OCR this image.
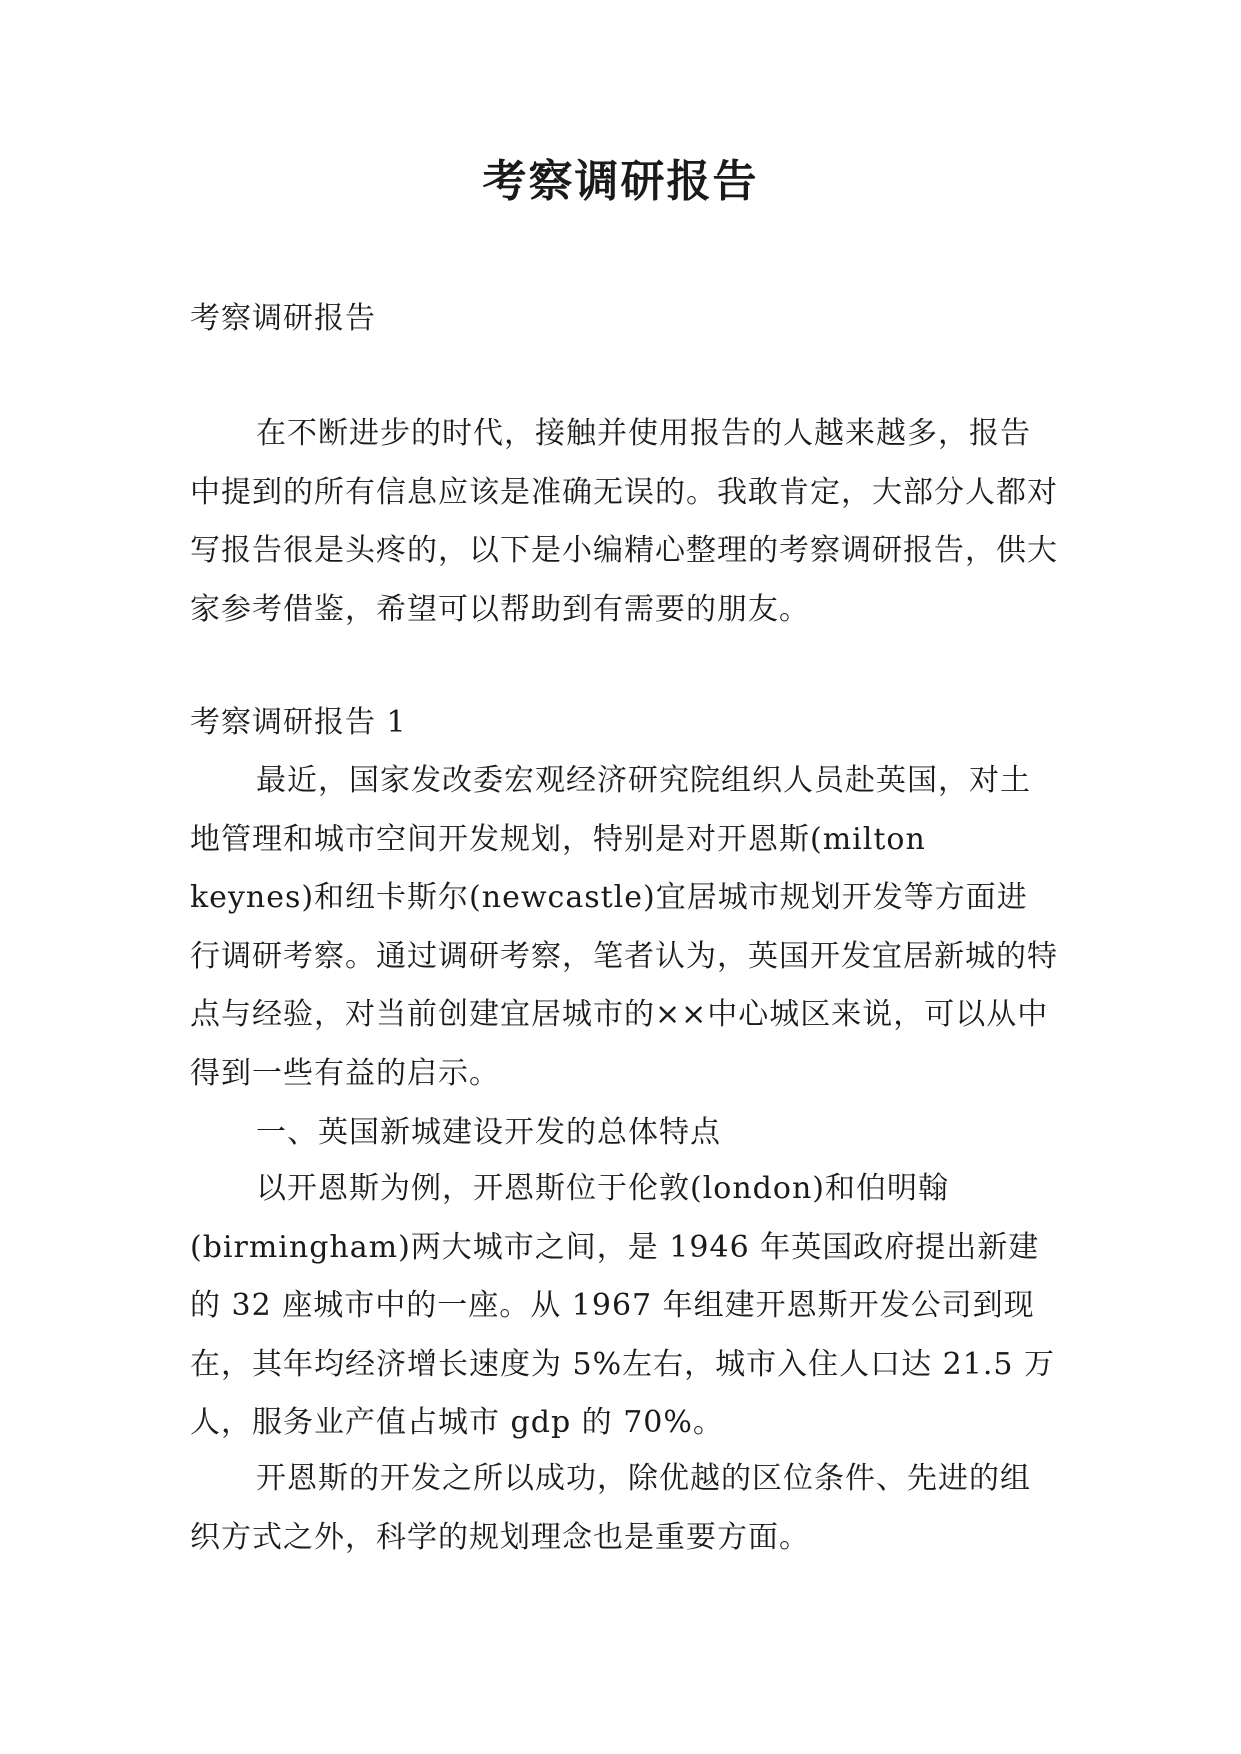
考察调研报告

考察调研报告

在不断进步的时代，接触并使用报告的人越来越多，报告中提到的所有信息应该是准确无误的。我敢肯定，大部分人都对写报告很是头疼的，以下是小编精心整理的考察调研报告，供大家参考借鉴，希望可以帮助到有需要的朋友。

考察调研报告 1

最近，国家发改委宏观经济研究院组织人员赴英国，对土地管理和城市空间开发规划，特别是对开恩斯(milton keynes)和纽卡斯尔(newcastle)宜居城市规划开发等方面进行调研考察。通过调研考察，笔者认为，英国开发宜居新城的特点与经验，对当前创建宜居城市的××中心城区来说，可以从中得到一些有益的启示。

一、英国新城建设开发的总体特点

以开恩斯为例，开恩斯位于伦敦(london)和伯明翰(birmingham)两大城市之间，是 1946 年英国政府提出新建的 32 座城市中的一座。从 1967 年组建开恩斯开发公司到现在，其年均经济增长速度为 5%左右，城市入住人口达 21.5 万人，服务业产值占城市 gdp 的 70%。

开恩斯的开发之所以成功，除优越的区位条件、先进的组织方式之外，科学的规划理念也是重要方面。
